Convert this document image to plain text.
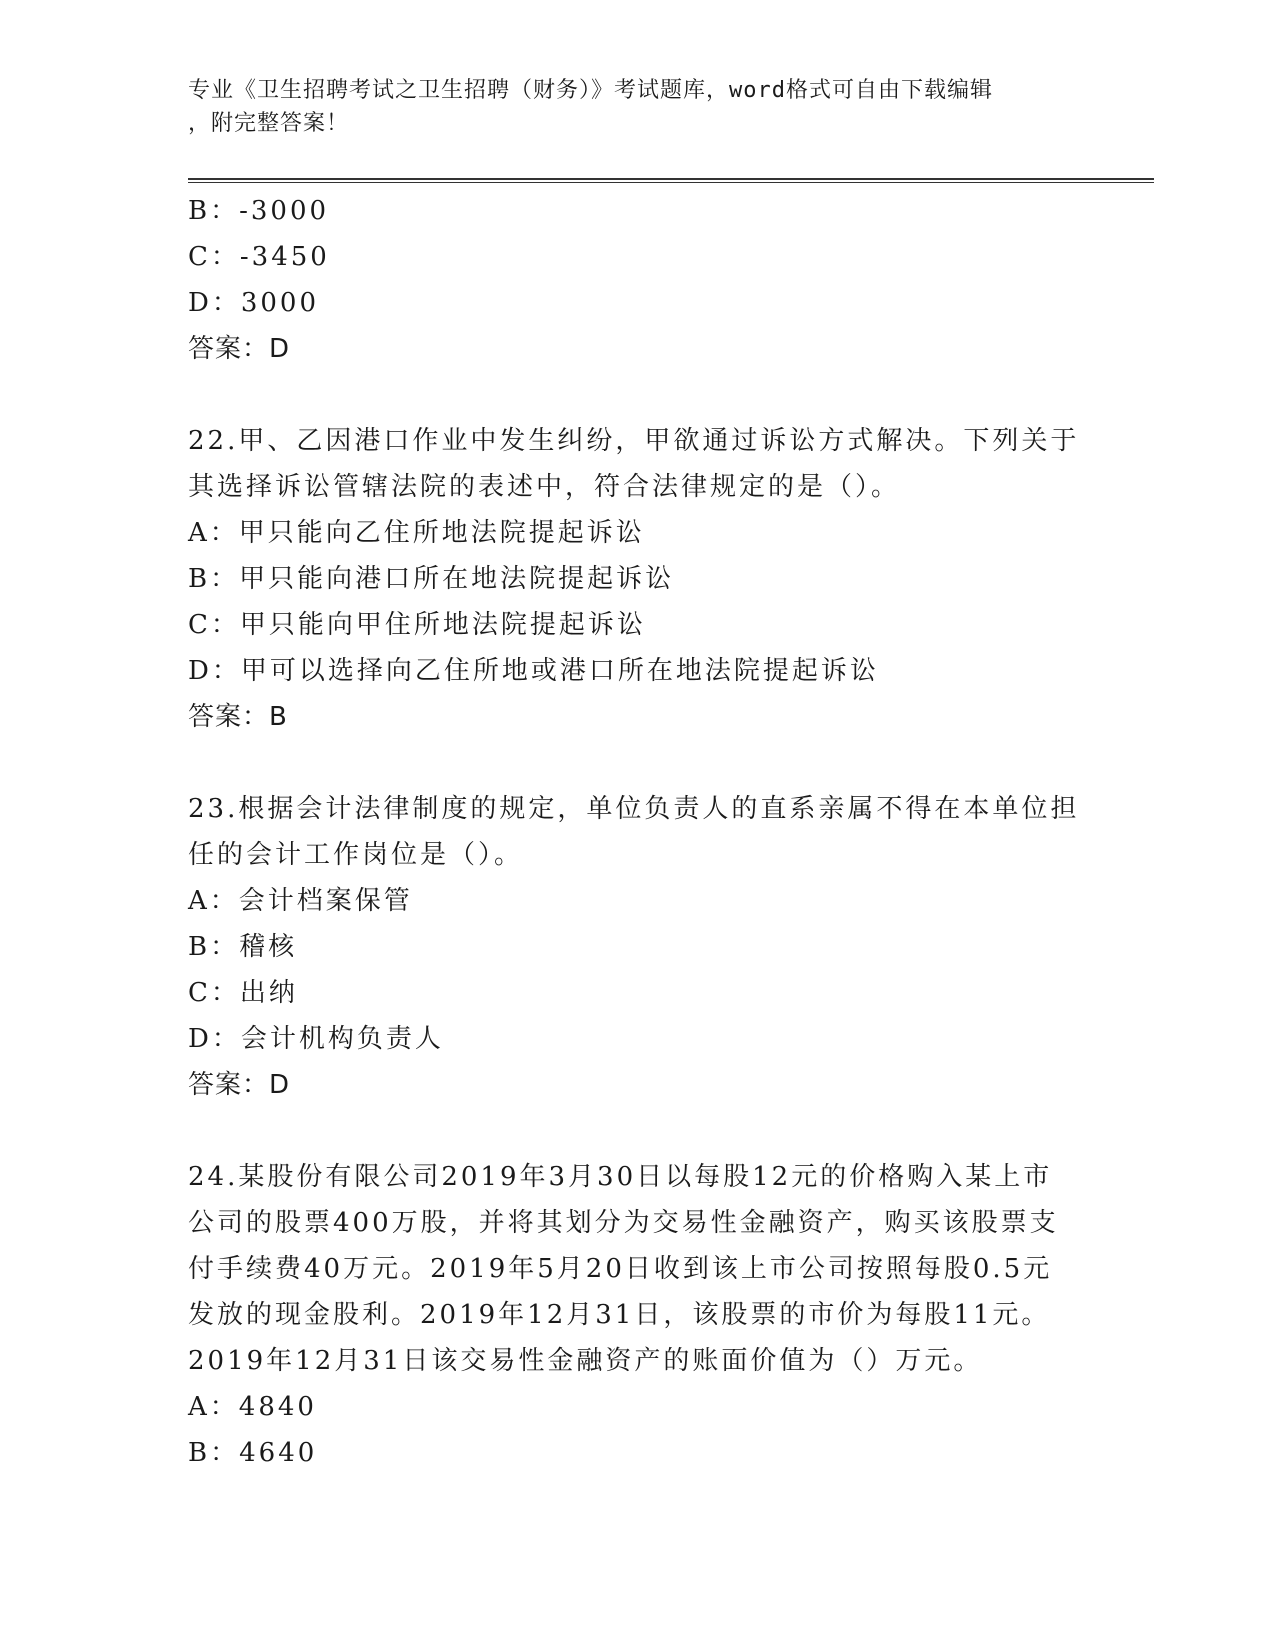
专业《卫生招聘考试之卫生招聘（财务）》考试题库，word格式可自由下载编辑
，附完整答案！
B：-3000
C：-3450
D：3000
答案：D
22.甲、乙因港口作业中发生纠纷，甲欲通过诉讼方式解决。下列关于
其选择诉讼管辖法院的表述中，符合法律规定的是（）。
A：甲只能向乙住所地法院提起诉讼
B：甲只能向港口所在地法院提起诉讼
C：甲只能向甲住所地法院提起诉讼
D：甲可以选择向乙住所地或港口所在地法院提起诉讼
答案：B
23.根据会计法律制度的规定，单位负责人的直系亲属不得在本单位担
任的会计工作岗位是（）。
A：会计档案保管
B：稽核
C：出纳
D：会计机构负责人
答案：D
24.某股份有限公司2019年3月30日以每股12元的价格购入某上市
公司的股票400万股，并将其划分为交易性金融资产，购买该股票支
付手续费40万元。2019年5月20日收到该上市公司按照每股0.5元
发放的现金股利。2019年12月31日，该股票的市价为每股11元。
2019年12月31日该交易性金融资产的账面价值为（）万元。
A：4840
B：4640
